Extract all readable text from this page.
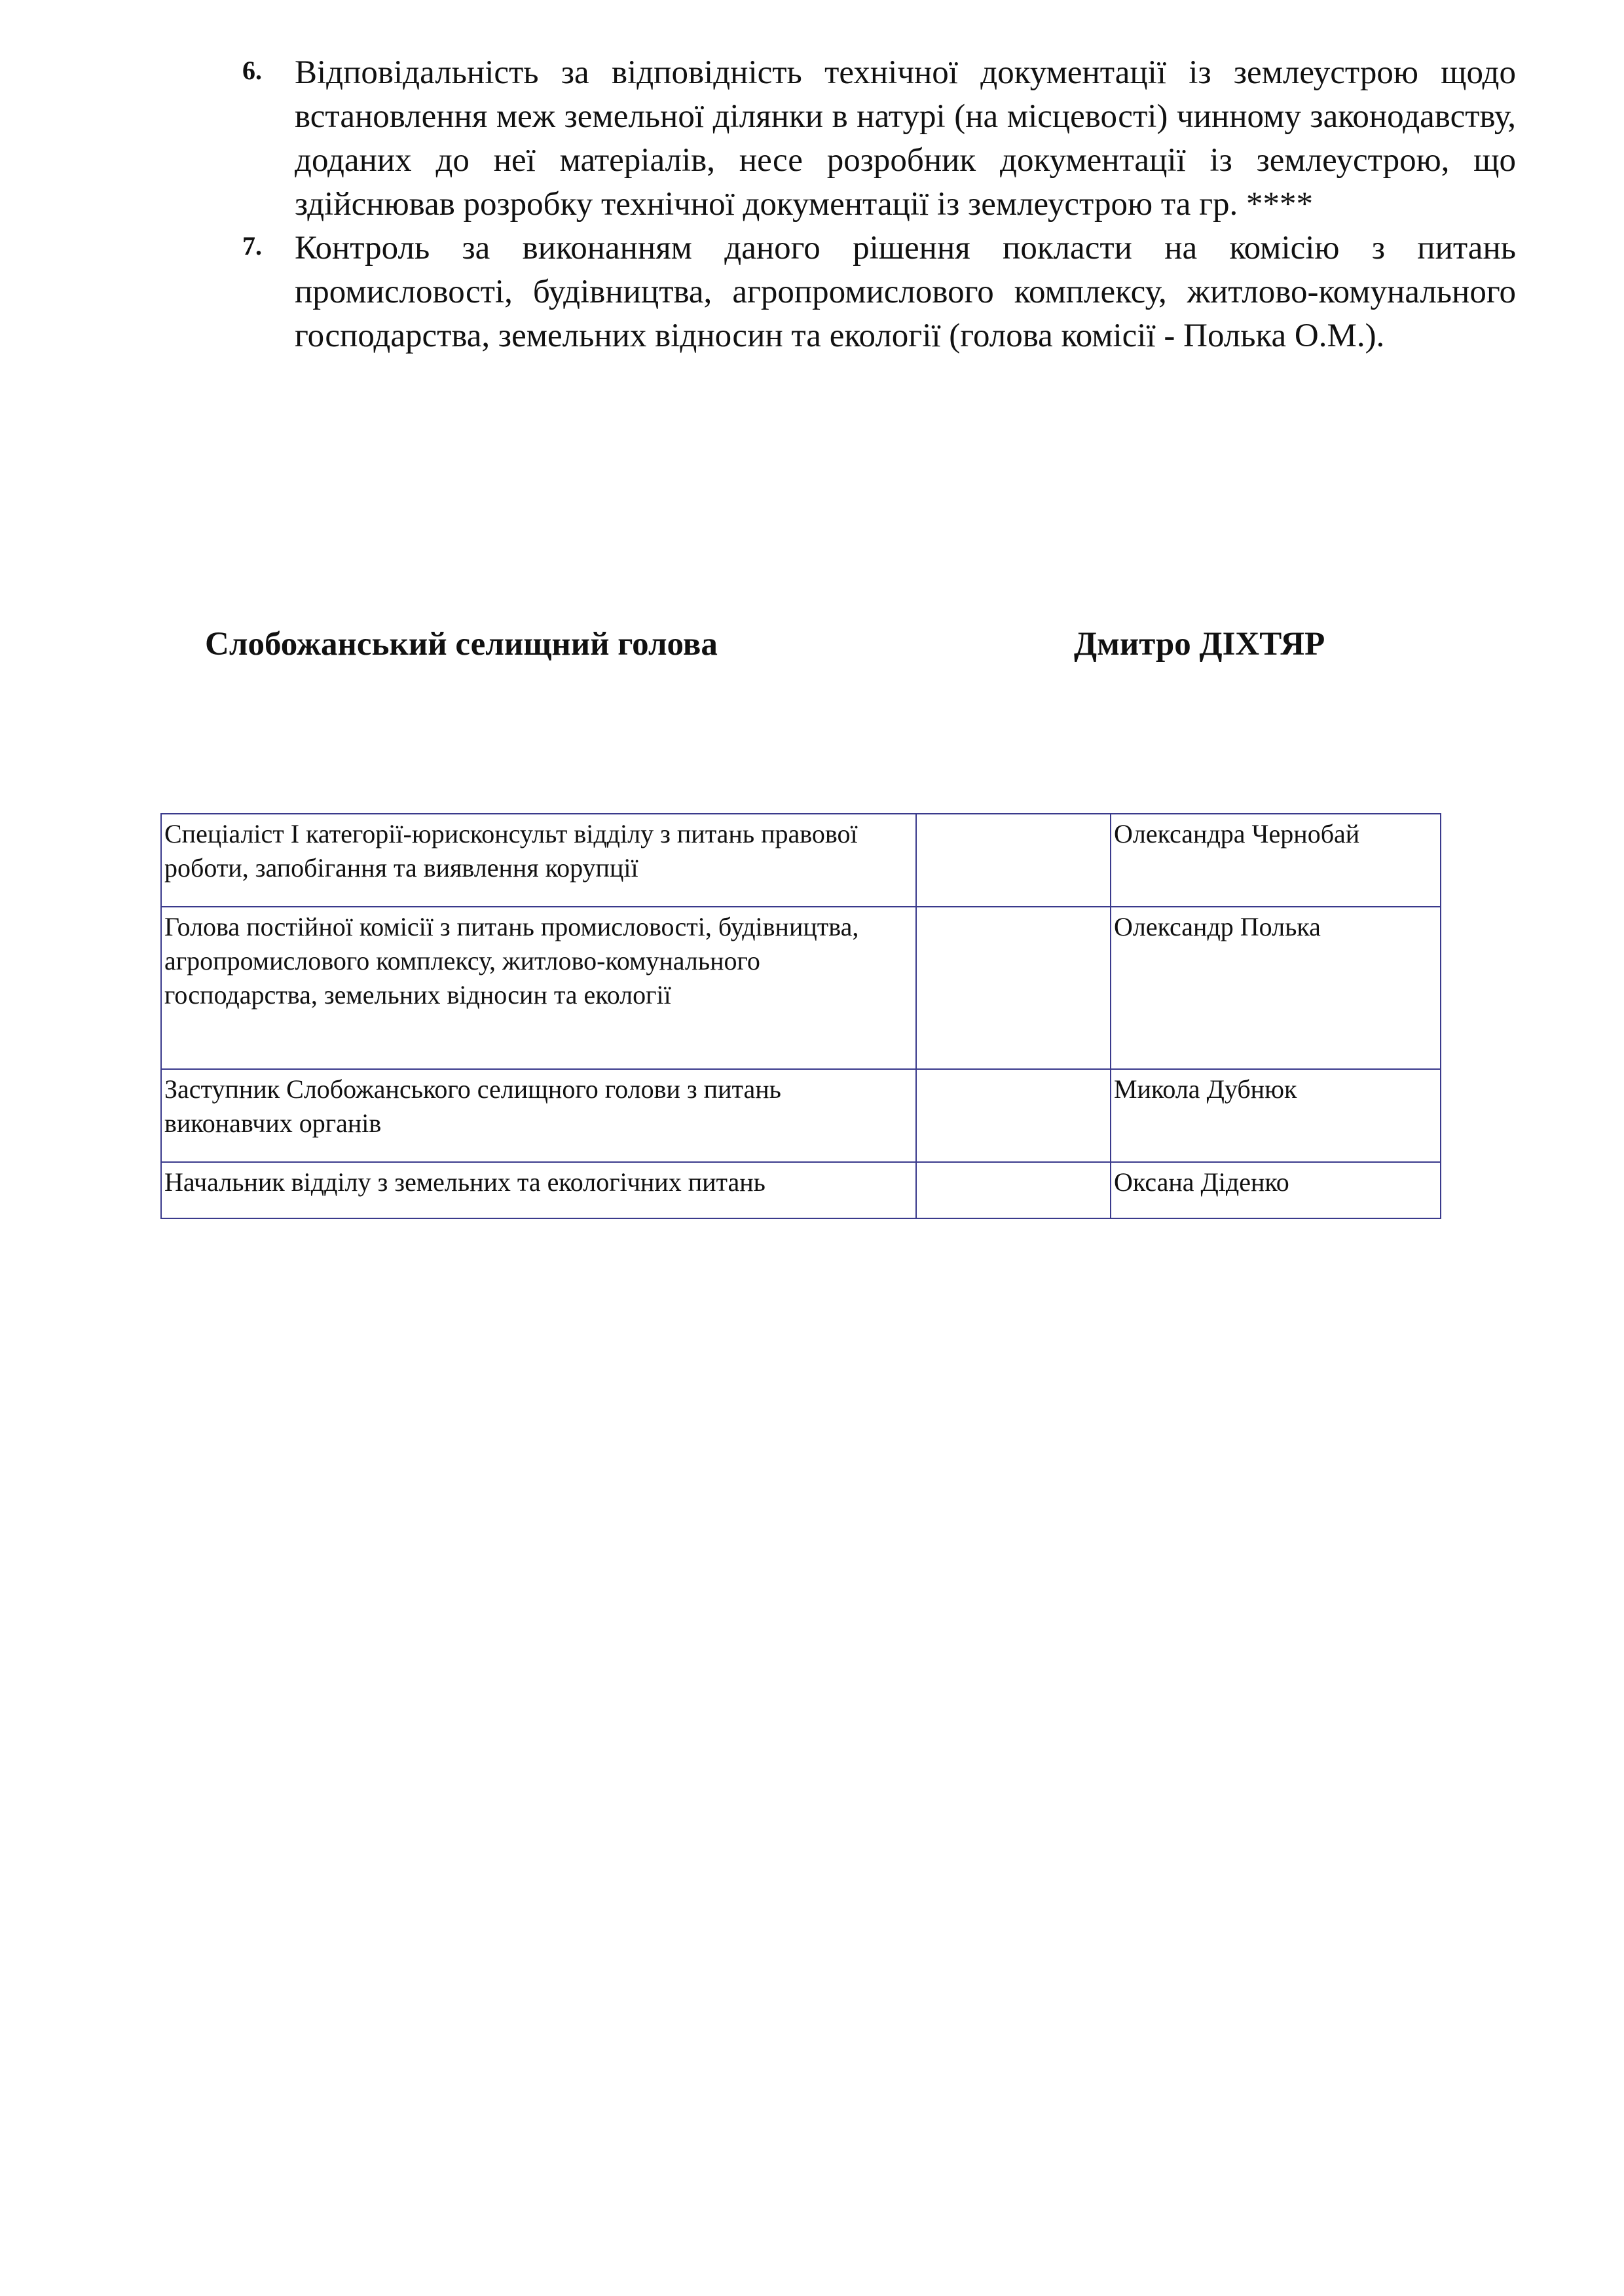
6. Відповідальність за відповідність технічної документації із землеустрою щодо встановлення меж земельної ділянки в натурі (на місцевості) чинному законодавству, доданих до неї матеріалів, несе розробник документації із землеустрою, що здійснював розробку технічної документації із землеустрою та гр. ****
7. Контроль за виконанням даного рішення покласти на комісію з питань промисловості, будівництва, агропромислового комплексу, житлово-комунального господарства, земельних відносин та екології (голова комісії - Полька О.М.).
Слобожанський селищний голова	Дмитро ДІХТЯР
Спеціаліст І категорії-юрисконсульт відділу з питань правової роботи, запобігання та виявлення корупції		Олександра Чернобай
Голова постійної комісії з питань промисловості, будівництва, агропромислового комплексу, житлово-комунального господарства, земельних відносин та екології		Олександр Полька
Заступник Слобожанського селищного голови з питань виконавчих органів		Микола Дубнюк
Начальник відділу з земельних та екологічних питань		Оксана Діденко
